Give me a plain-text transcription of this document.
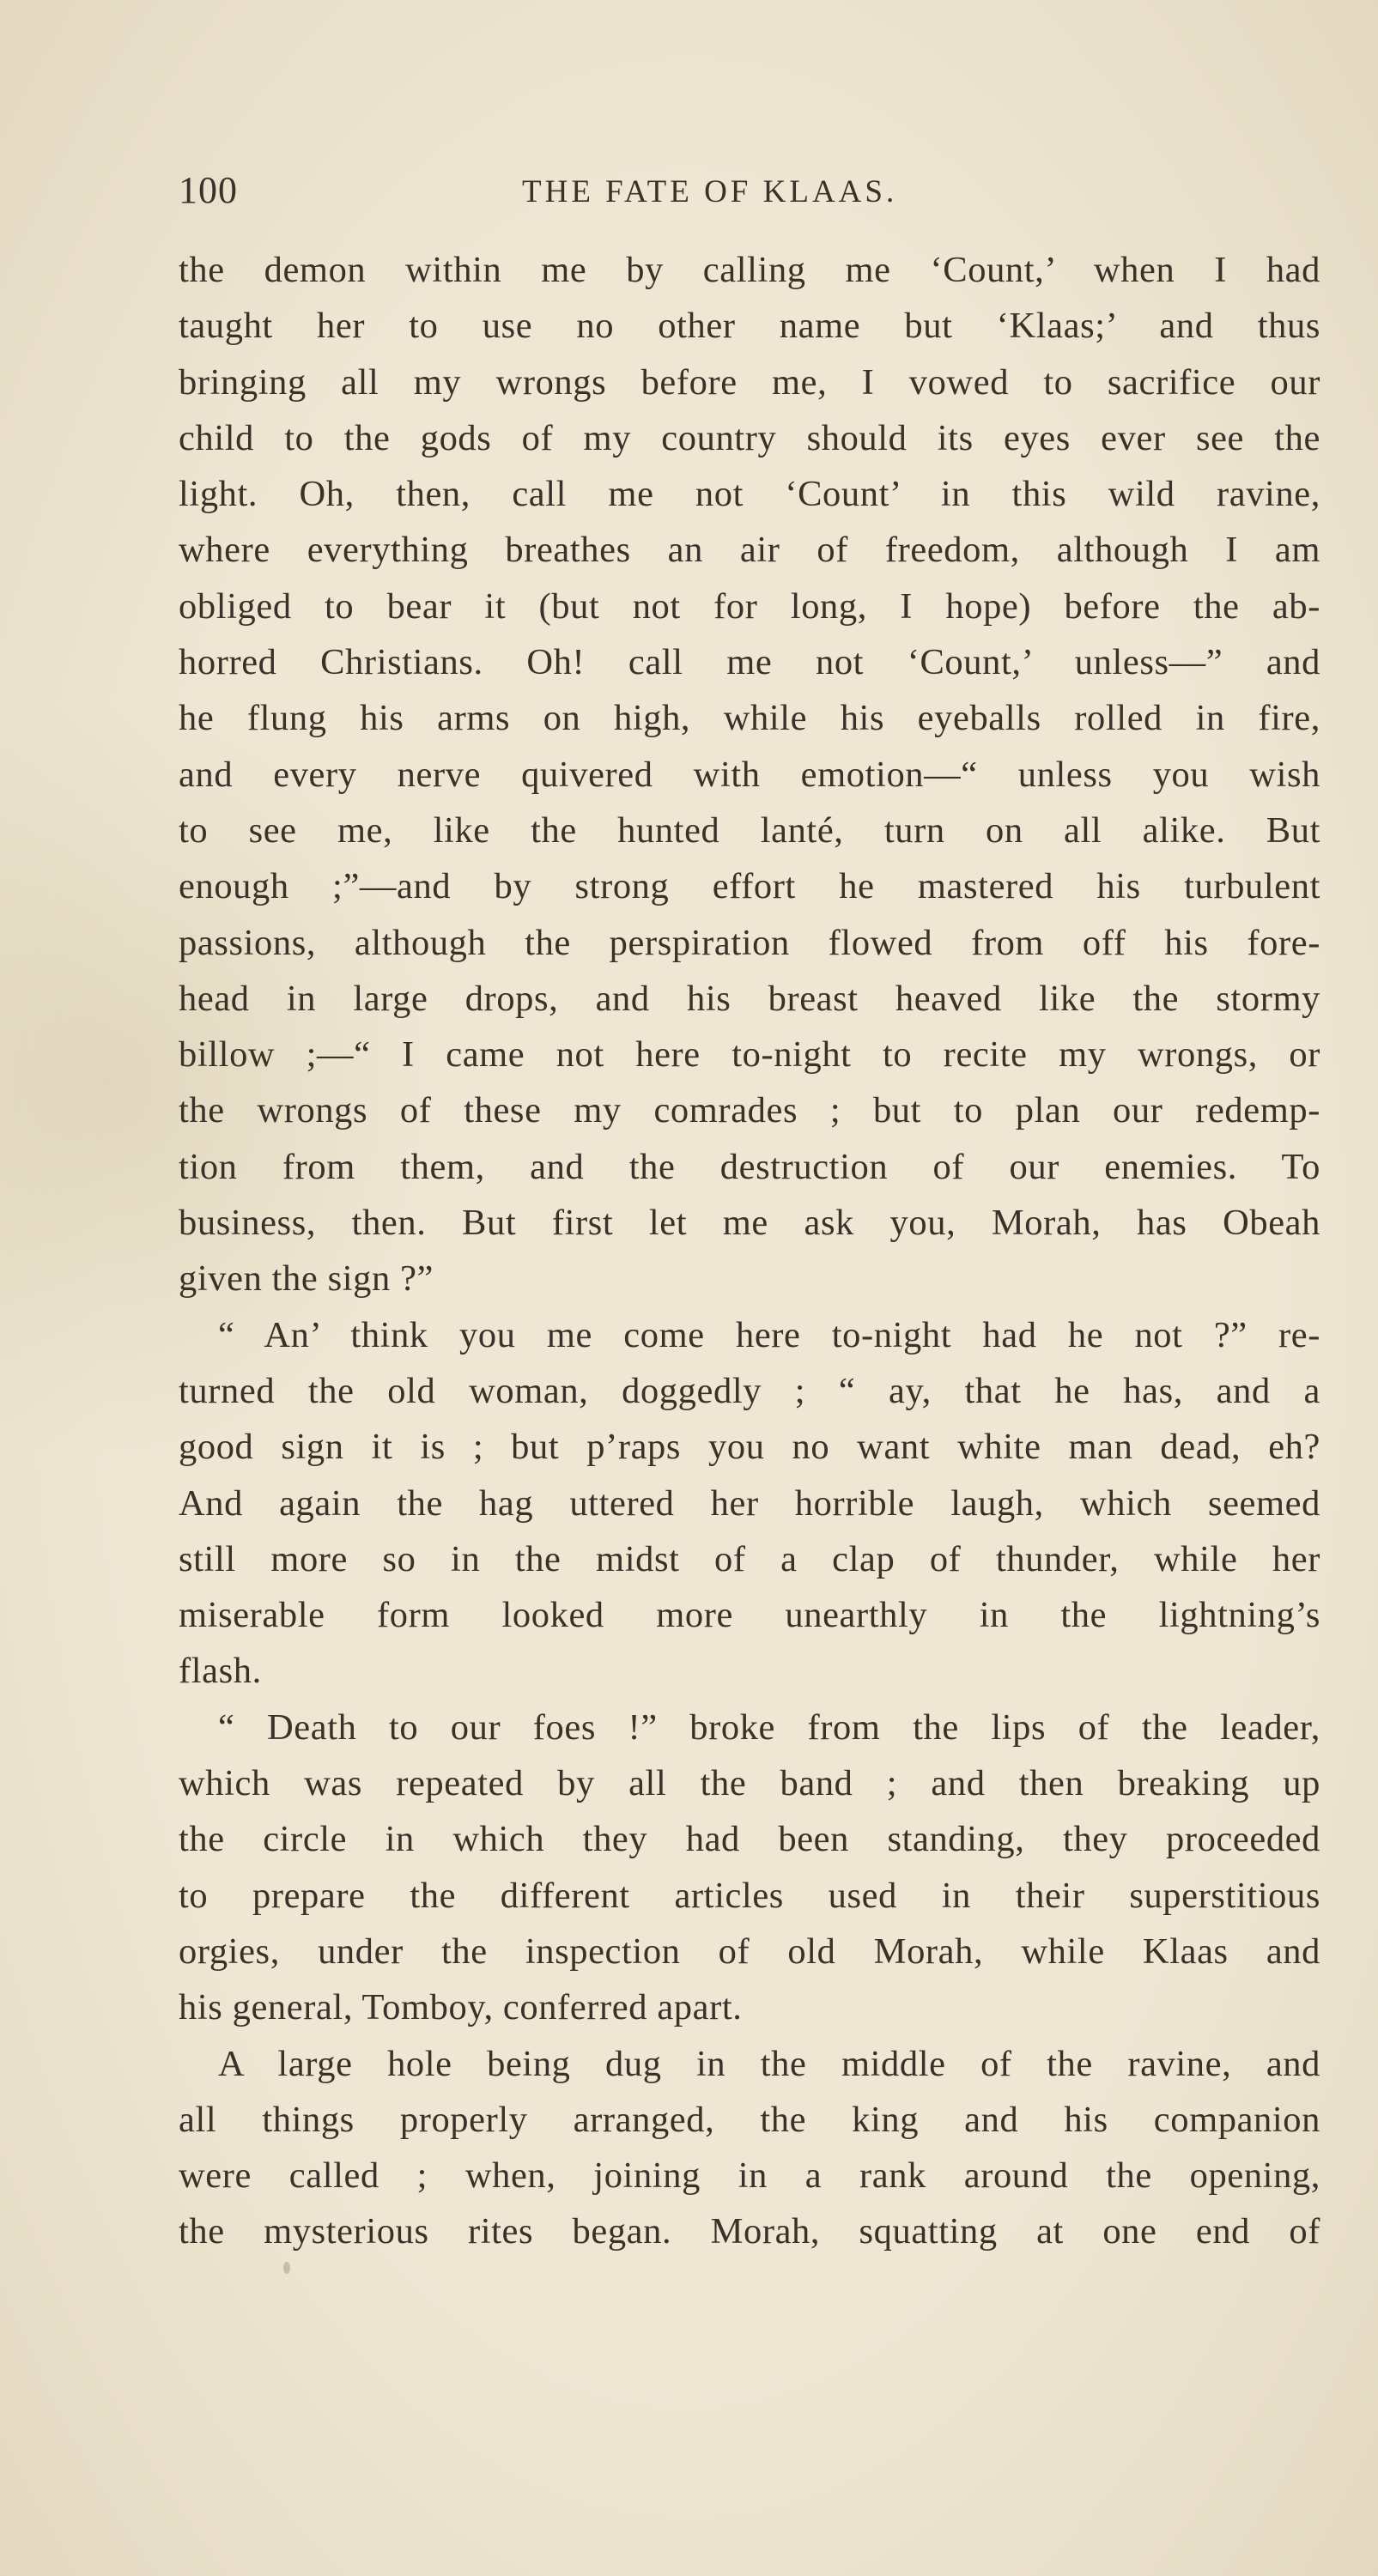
100	THE FATE OF KLAAS.
the demon within me by calling me ‘Count,’ when I had
taught her to use no other name but ‘Klaas;’ and thus
bringing all my wrongs before me, I vowed to sacrifice our
child to the gods of my country should its eyes ever see the
light. Oh, then, call me not ‘Count’ in this wild ravine,
where everything breathes an air of freedom, although I am
obliged to bear it (but not for long, I hope) before the ab-
horred Christians. Oh! call me not ‘Count,’ unless—” and
he flung his arms on high, while his eyeballs rolled in fire,
and every nerve quivered with emotion—“ unless you wish
to see me, like the hunted lanté, turn on all alike. But
enough ;”—and by strong effort he mastered his turbulent
passions, although the perspiration flowed from off his fore-
head in large drops, and his breast heaved like the stormy
billow ;—“ I came not here to-night to recite my wrongs, or
the wrongs of these my comrades ; but to plan our redemp-
tion from them, and the destruction of our enemies. To
business, then. But first let me ask you, Morah, has Obeah
given the sign ?”
“ An’ think you me come here to-night had he not ?” re-
turned the old woman, doggedly ; “ ay, that he has, and a
good sign it is ; but p’raps you no want white man dead, eh?
And again the hag uttered her horrible laugh, which seemed
still more so in the midst of a clap of thunder, while her
miserable form looked more unearthly in the lightning’s
flash.
“ Death to our foes !” broke from the lips of the leader,
which was repeated by all the band ; and then breaking up
the circle in which they had been standing, they proceeded
to prepare the different articles used in their superstitious
orgies, under the inspection of old Morah, while Klaas and
his general, Tomboy, conferred apart.
A large hole being dug in the middle of the ravine, and
all things properly arranged, the king and his companion
were called ; when, joining in a rank around the opening,
the mysterious rites began. Morah, squatting at one end of
